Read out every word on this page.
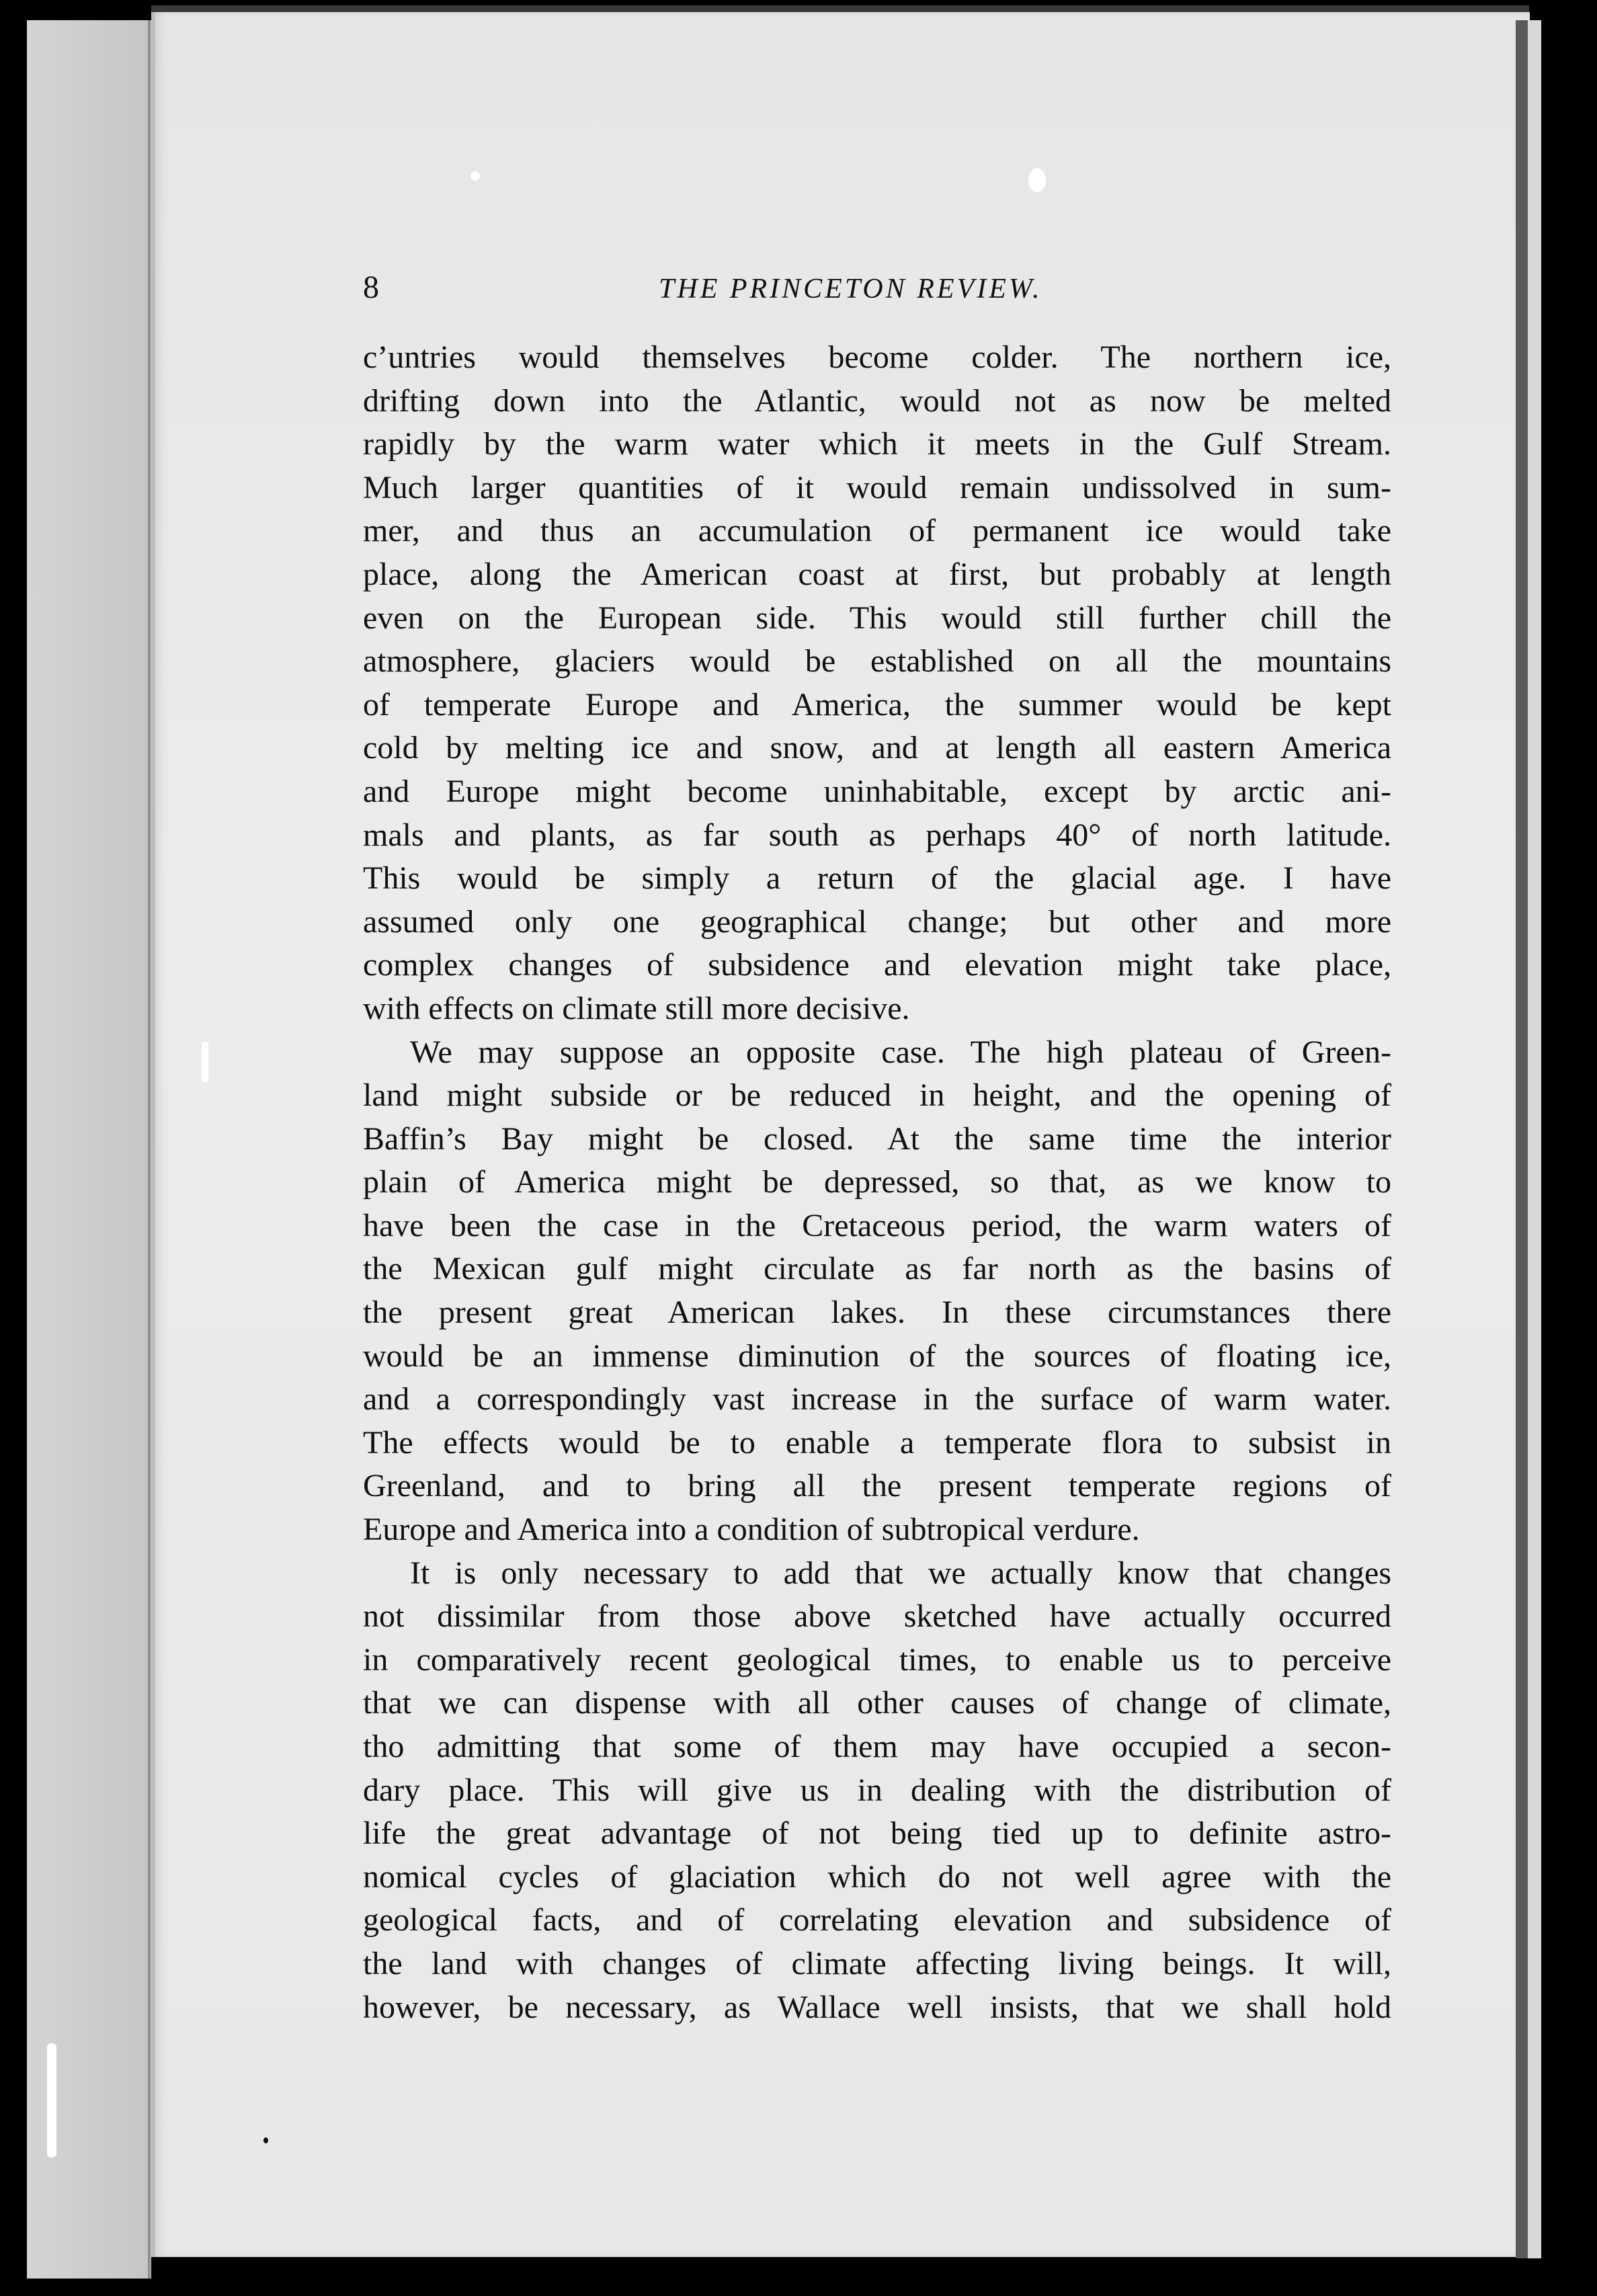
8	THE PRINCETON REVIEW.
c’untries would themselves become colder. The northern ice,
drifting down into the Atlantic, would not as now be melted
rapidly by the warm water which it meets in the Gulf Stream.
Much larger quantities of it would remain undissolved in sum-
mer, and thus an accumulation of permanent ice would take
place, along the American coast at first, but probably at length
even on the European side. This would still further chill the
atmosphere, glaciers would be established on all the mountains
of temperate Europe and America, the summer would be kept
cold by melting ice and snow, and at length all eastern America
and Europe might become uninhabitable, except by arctic ani-
mals and plants, as far south as perhaps 40° of north latitude.
This would be simply a return of the glacial age. I have
assumed only one geographical change; but other and more
complex changes of subsidence and elevation might take place,
with effects on climate still more decisive.
We may suppose an opposite case. The high plateau of Green-
land might subside or be reduced in height, and the opening of
Baffin’s Bay might be closed. At the same time the interior
plain of America might be depressed, so that, as we know to
have been the case in the Cretaceous period, the warm waters of
the Mexican gulf might circulate as far north as the basins of
the present great American lakes. In these circumstances there
would be an immense diminution of the sources of floating ice,
and a correspondingly vast increase in the surface of warm water.
The effects would be to enable a temperate flora to subsist in
Greenland, and to bring all the present temperate regions of
Europe and America into a condition of subtropical verdure.
It is only necessary to add that we actually know that changes
not dissimilar from those above sketched have actually occurred
in comparatively recent geological times, to enable us to perceive
that we can dispense with all other causes of change of climate,
tho admitting that some of them may have occupied a secon-
dary place. This will give us in dealing with the distribution of
life the great advantage of not being tied up to definite astro-
nomical cycles of glaciation which do not well agree with the
geological facts, and of correlating elevation and subsidence of
the land with changes of climate affecting living beings. It will,
however, be necessary, as Wallace well insists, that we shall hold
